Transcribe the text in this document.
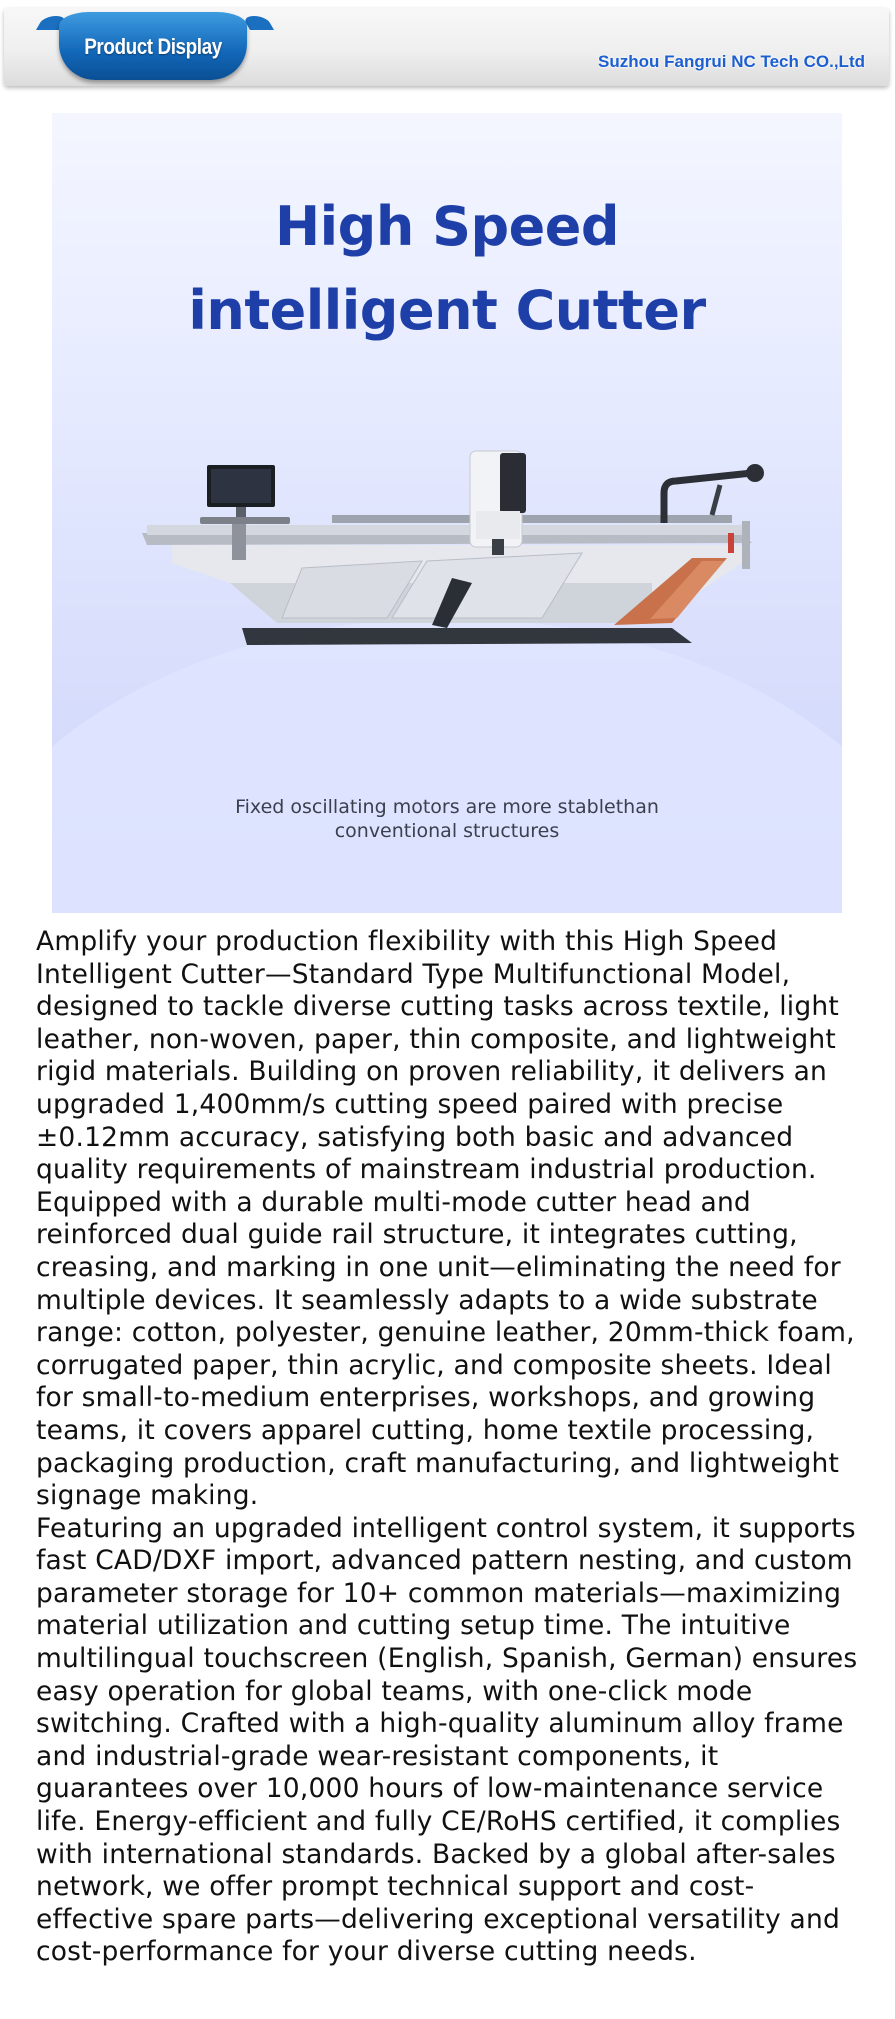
Product Display
Suzhou Fangrui NC Tech CO.,Ltd
High Speed
intelligent Cutter
Fixed oscillating motors are more stablethan
conventional structures

Amplify your production flexibility with this High Speed Intelligent Cutter—Standard Type Multifunctional Model, designed to tackle diverse cutting tasks across textile, light leather, non-woven, paper, thin composite, and lightweight rigid materials. Building on proven reliability, it delivers an upgraded 1,400mm/s cutting speed paired with precise ±0.12mm accuracy, satisfying both basic and advanced quality requirements of mainstream industrial production. Equipped with a durable multi-mode cutter head and reinforced dual guide rail structure, it integrates cutting, creasing, and marking in one unit—eliminating the need for multiple devices. It seamlessly adapts to a wide substrate range: cotton, polyester, genuine leather, 20mm-thick foam, corrugated paper, thin acrylic, and composite sheets. Ideal for small-to-medium enterprises, workshops, and growing teams, it covers apparel cutting, home textile processing, packaging production, craft manufacturing, and lightweight signage making.

Featuring an upgraded intelligent control system, it supports fast CAD/DXF import, advanced pattern nesting, and custom parameter storage for 10+ common materials—maximizing material utilization and cutting setup time. The intuitive multilingual touchscreen (English, Spanish, German) ensures easy operation for global teams, with one-click mode switching. Crafted with a high-quality aluminum alloy frame and industrial-grade wear-resistant components, it guarantees over 10,000 hours of low-maintenance service life. Energy-efficient and fully CE/RoHS certified, it complies with international standards. Backed by a global after-sales network, we offer prompt technical support and cost-effective spare parts—delivering exceptional versatility and cost-performance for your diverse cutting needs.
